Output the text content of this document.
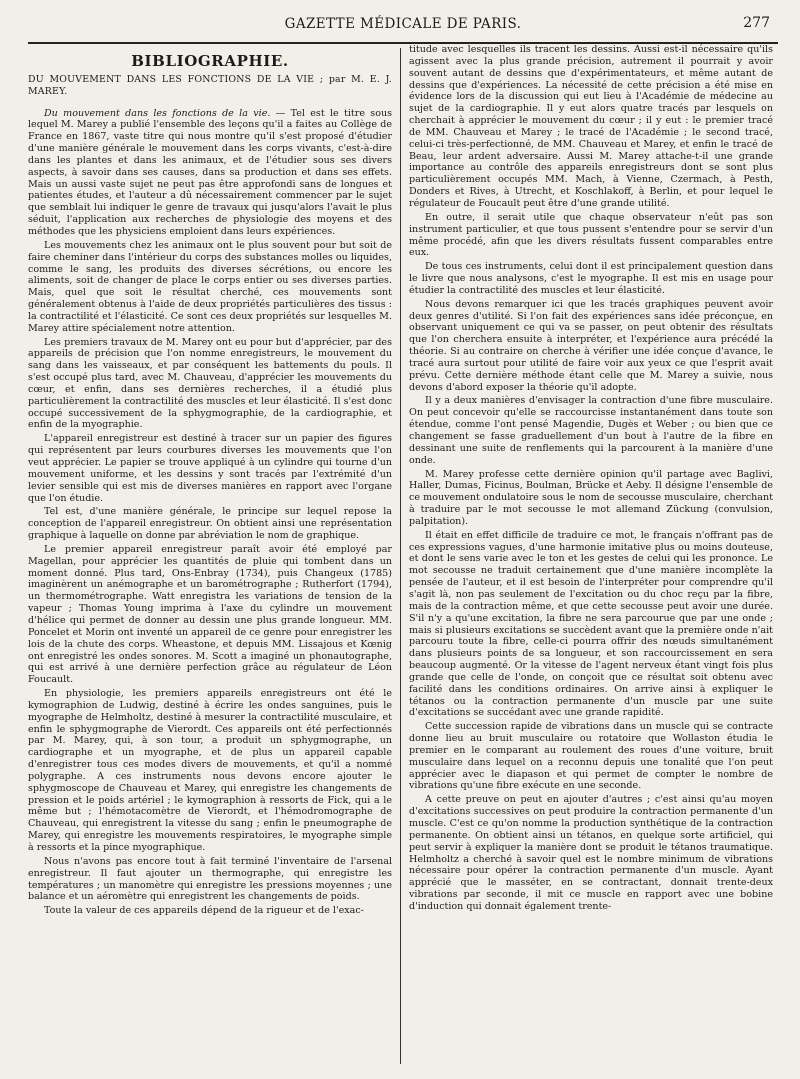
GAZETTE MÉDICALE DE PARIS.	277
BIBLIOGRAPHIE.

DU MOUVEMENT DANS LES FONCTIONS DE LA VIE ; par M. E. J. MAREY.

Du mouvement dans les fonctions de la vie. — Tel est le titre sous lequel M. Marey a publié l'ensemble des leçons qu'il a faites au Collège de France en 1867, vaste titre qui nous montre qu'il s'est proposé d'étudier d'une manière générale le mouvement dans les corps vivants, c'est-à-dire dans les plantes et dans les animaux, et de l'étudier sous ses divers aspects, à savoir dans ses causes, dans sa production et dans ses effets. Mais un aussi vaste sujet ne peut pas être approfondi sans de longues et patientes études, et l'auteur a dû nécessairement commencer par le sujet que semblait lui indiquer le genre de travaux qui jusqu'alors l'avait le plus séduit, l'application aux recherches de physiologie des moyens et des méthodes que les physiciens emploient dans leurs expériences.

Les mouvements chez les animaux ont le plus souvent pour but soit de faire cheminer dans l'intérieur du corps des substances molles ou liquides, comme le sang, les produits des diverses sécrétions, ou encore les aliments, soit de changer de place le corps entier ou ses diverses parties. Mais, quel que soit le résultat cherché, ces mouvements sont généralement obtenus à l'aide de deux propriétés particulières des tissus : la contractilité et l'élasticité. Ce sont ces deux propriétés sur lesquelles M. Marey attire spécialement notre attention.

Les premiers travaux de M. Marey ont eu pour but d'apprécier, par des appareils de précision que l'on nomme enregistreurs, le mouvement du sang dans les vaisseaux, et par conséquent les battements du pouls. Il s'est occupé plus tard, avec M. Chauveau, d'apprécier les mouvements du cœur, et enfin, dans ses dernières recherches, il a étudié plus particulièrement la contractilité des muscles et leur élasticité. Il s'est donc occupé successivement de la sphygmographie, de la cardiographie, et enfin de la myographie.

L'appareil enregistreur est destiné à tracer sur un papier des figures qui représentent par leurs courbures diverses les mouvements que l'on veut apprécier. Le papier se trouve appliqué à un cylindre qui tourne d'un mouvement uniforme, et les dessins y sont tracés par l'extrémité d'un levier sensible qui est mis de diverses manières en rapport avec l'organe que l'on étudie.

Tel est, d'une manière générale, le principe sur lequel repose la conception de l'appareil enregistreur. On obtient ainsi une représentation graphique à laquelle on donne par abréviation le nom de graphique.

Le premier appareil enregistreur paraît avoir été employé par Magellan, pour apprécier les quantités de pluie qui tombent dans un moment donné. Plus tard, Ons-Enbray (1734), puis Changeux (1785) imaginèrent un anémographe et un barométrographe ; Rutherfort (1794), un thermométrographe. Watt enregistra les variations de tension de la vapeur ; Thomas Young imprima à l'axe du cylindre un mouvement d'hélice qui permet de donner au dessin une plus grande longueur. MM. Poncelet et Morin ont inventé un appareil de ce genre pour enregistrer les lois de la chute des corps. Wheastone, et depuis MM. Lissajous et Kœnig ont enregistré les ondes sonores. M. Scott a imaginé un phonautographe, qui est arrivé à une dernière perfection grâce au régulateur de Léon Foucault.

En physiologie, les premiers appareils enregistreurs ont été le kymographion de Ludwig, destiné à écrire les ondes sanguines, puis le myographe de Helmholtz, destiné à mesurer la contractilité musculaire, et enfin le sphygmographe de Vierordt. Ces appareils ont été perfectionnés par M. Marey, qui, à son tour, a produit un sphygmographe, un cardiographe et un myographe, et de plus un appareil capable d'enregistrer tous ces modes divers de mouvements, et qu'il a nommé polygraphe. A ces instruments nous devons encore ajouter le sphygmoscope de Chauveau et Marey, qui enregistre les changements de pression et le poids artériel ; le kymographion à ressorts de Fick, qui a le même but ; l'hémotacomètre de Vierordt, et l'hémodromographe de Chauveau, qui enregistrent la vitesse du sang ; enfin le pneumographe de Marey, qui enregistre les mouvements respiratoires, le myographe simple à ressorts et la pince myographique.

Nous n'avons pas encore tout à fait terminé l'inventaire de l'arsenal enregistreur. Il faut ajouter un thermographe, qui enregistre les températures ; un manomètre qui enregistre les pressions moyennes ; une balance et un aéromètre qui enregistrent les changements de poids.

Toute la valeur de ces appareils dépend de la rigueur et de l'exac-

titude avec lesquelles ils tracent les dessins. Aussi est-il nécessaire qu'ils agissent avec la plus grande précision, autrement il pourrait y avoir souvent autant de dessins que d'expérimentateurs, et même autant de dessins que d'expériences. La nécessité de cette précision a été mise en évidence lors de la discussion qui eut lieu à l'Académie de médecine au sujet de la cardiographie. Il y eut alors quatre tracés par lesquels on cherchait à apprécier le mouvement du cœur ; il y eut : le premier tracé de MM. Chauveau et Marey ; le tracé de l'Académie ; le second tracé, celui-ci très-perfectionné, de MM. Chauveau et Marey, et enfin le tracé de Beau, leur ardent adversaire. Aussi M. Marey attache-t-il une grande importance au contrôle des appareils enregistreurs dont se sont plus particulièrement occupés MM. Mach, à Vienne, Czermach, à Pesth, Donders et Rives, à Utrecht, et Koschlakoff, à Berlin, et pour lequel le régulateur de Foucault peut être d'une grande utilité.

En outre, il serait utile que chaque observateur n'eût pas son instrument particulier, et que tous pussent s'entendre pour se servir d'un même procédé, afin que les divers résultats fussent comparables entre eux.

De tous ces instruments, celui dont il est principalement question dans le livre que nous analysons, c'est le myographe. Il est mis en usage pour étudier la contractilité des muscles et leur élasticité.

Nous devons remarquer ici que les tracés graphiques peuvent avoir deux genres d'utilité. Si l'on fait des expériences sans idée préconçue, en observant uniquement ce qui va se passer, on peut obtenir des résultats que l'on cherchera ensuite à interpréter, et l'expérience aura précédé la théorie. Si au contraire on cherche à vérifier une idée conçue d'avance, le tracé aura surtout pour utilité de faire voir aux yeux ce que l'esprit avait prévu. Cette dernière méthode étant celle que M. Marey a suivie, nous devons d'abord exposer la théorie qu'il adopte.

Il y a deux manières d'envisager la contraction d'une fibre musculaire. On peut concevoir qu'elle se raccourcisse instantanément dans toute son étendue, comme l'ont pensé Magendie, Dugès et Weber ; ou bien que ce changement se fasse graduellement d'un bout à l'autre de la fibre en dessinant une suite de renflements qui la parcourent à la manière d'une onde.

M. Marey professe cette dernière opinion qu'il partage avec Baglivi, Haller, Dumas, Ficinus, Boulman, Brücke et Aeby. Il désigne l'ensemble de ce mouvement ondulatoire sous le nom de secousse musculaire, cherchant à traduire par le mot secousse le mot allemand Zückung (convulsion, palpitation).

Il était en effet difficile de traduire ce mot, le français n'offrant pas de ces expressions vagues, d'une harmonie imitative plus ou moins douteuse, et dont le sens varie avec le ton et les gestes de celui qui les prononce. Le mot secousse ne traduit certainement que d'une manière incomplète la pensée de l'auteur, et il est besoin de l'interpréter pour comprendre qu'il s'agit là, non pas seulement de l'excitation ou du choc reçu par la fibre, mais de la contraction même, et que cette secousse peut avoir une durée. S'il n'y a qu'une excitation, la fibre ne sera parcourue que par une onde ; mais si plusieurs excitations se succèdent avant que la première onde n'ait parcouru toute la fibre, celle-ci pourra offrir des nœuds simultanément dans plusieurs points de sa longueur, et son raccourcissement en sera beaucoup augmenté. Or la vitesse de l'agent nerveux étant vingt fois plus grande que celle de l'onde, on conçoit que ce résultat soit obtenu avec facilité dans les conditions ordinaires. On arrive ainsi à expliquer le tétanos ou la contraction permanente d'un muscle par une suite d'excitations se succédant avec une grande rapidité.

Cette succession rapide de vibrations dans un muscle qui se contracte donne lieu au bruit musculaire ou rotatoire que Wollaston étudia le premier en le comparant au roulement des roues d'une voiture, bruit musculaire dans lequel on a reconnu depuis une tonalité que l'on peut apprécier avec le diapason et qui permet de compter le nombre de vibrations qu'une fibre exécute en une seconde.

A cette preuve on peut en ajouter d'autres ; c'est ainsi qu'au moyen d'excitations successives on peut produire la contraction permanente d'un muscle. C'est ce qu'on nomme la production synthétique de la contraction permanente. On obtient ainsi un tétanos, en quelque sorte artificiel, qui peut servir à expliquer la manière dont se produit le tétanos traumatique. Helmholtz a cherché à savoir quel est le nombre minimum de vibrations nécessaire pour opérer la contraction permanente d'un muscle. Ayant apprécié que le masséter, en se contractant, donnait trente-deux vibrations par seconde, il mit ce muscle en rapport avec une bobine d'induction qui donnait également trente-
